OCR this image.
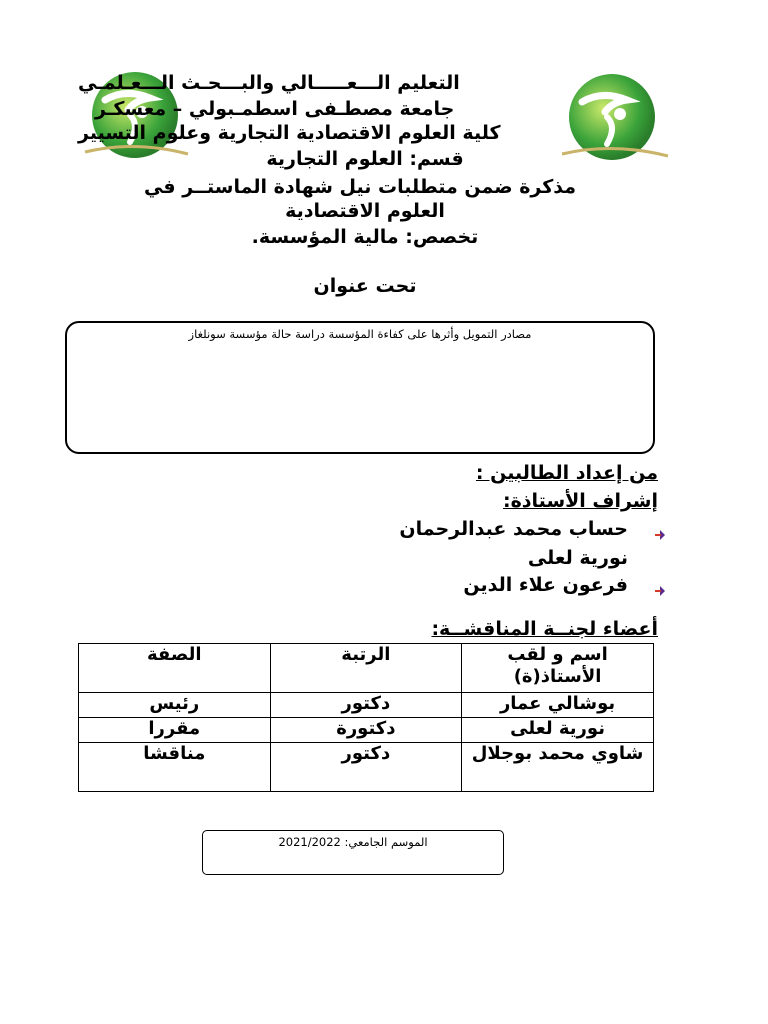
التعليم الـــعـــــالي والبـــحـث الـــعـلمـي
جامعة مصطـفى اسطمـبولي – معسكـر
كلية العلوم الاقتصادية التجارية وعلوم التسيير
قسم: العلوم التجارية
مذكرة ضمن متطلبات نيل شهادة الماستــر في
العلوم الاقتصادية
تخصص: مالية المؤسسة.
تحت عنوان
مصادر التمويل وأثرها على كفاءة المؤسسة دراسة حالة مؤسسة سونلغاز
من إعداد الطالبين :
إشراف الأستاذة:
حساب محمد عبدالرحمان
نورية لعلى
فرعون علاء الدين
أعضاء لجنــة المناقشــة:
اسم و لقب الأستاذ(ة)	الرتبة	الصفة
بوشالي عمار	دكتور	رئيس
نورية لعلى	دكتورة	مقررا
شاوي محمد بوجلال	دكتور	مناقشا
الموسم الجامعي: 2021/2022
